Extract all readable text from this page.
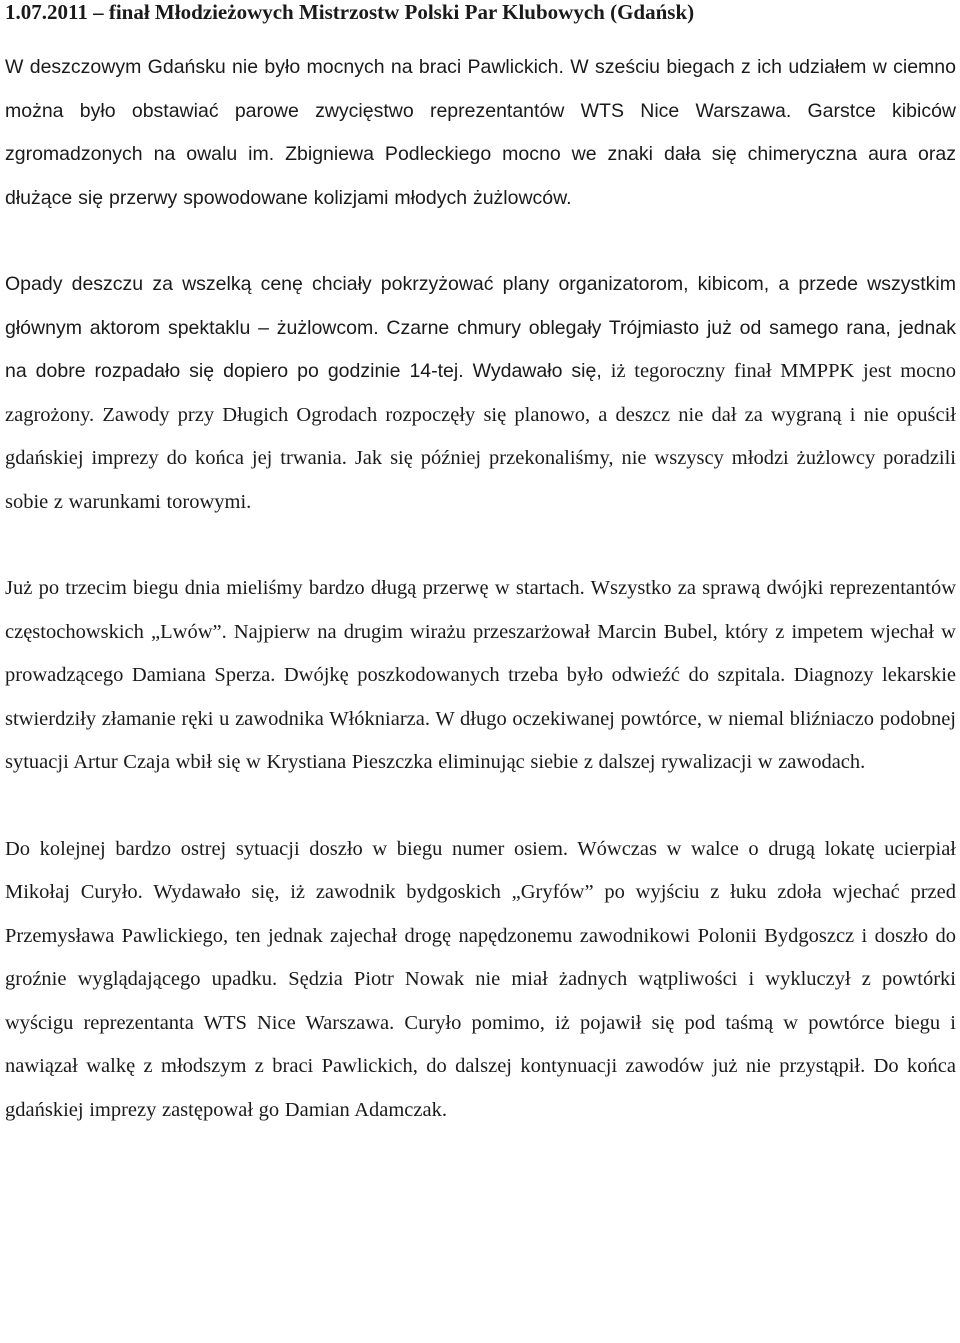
1.07.2011 – finał Młodzieżowych Mistrzostw Polski Par Klubowych (Gdańsk)

W deszczowym Gdańsku nie było mocnych na braci Pawlickich. W sześciu biegach z ich udziałem w ciemno można było obstawiać parowe zwycięstwo reprezentantów WTS Nice Warszawa. Garstce kibiców zgromadzonych na owalu im. Zbigniewa Podleckiego mocno we znaki dała się chimeryczna aura oraz dłużące się przerwy spowodowane kolizjami młodych żużlowców.

Opady deszczu za wszelką cenę chciały pokrzyżować plany organizatorom, kibicom, a przede wszystkim głównym aktorom spektaklu – żużlowcom. Czarne chmury oblegały Trójmiasto już od samego rana, jednak na dobre rozpadało się dopiero po godzinie 14-tej. Wydawało się, iż tegoroczny finał MMPPK jest mocno zagrożony. Zawody przy Długich Ogrodach rozpoczęły się planowo, a deszcz nie dał za wygraną i nie opuścił gdańskiej imprezy do końca jej trwania. Jak się później przekonaliśmy, nie wszyscy młodzi żużlowcy poradzili sobie z warunkami torowymi.

Już po trzecim biegu dnia mieliśmy bardzo długą przerwę w startach. Wszystko za sprawą dwójki reprezentantów częstochowskich „Lwów”. Najpierw na drugim wirażu przeszarżował Marcin Bubel, który z impetem wjechał w prowadzącego Damiana Sperza. Dwójkę poszkodowanych trzeba było odwieźć do szpitala. Diagnozy lekarskie stwierdziły złamanie ręki u zawodnika Włókniarza. W długo oczekiwanej powtórce, w niemal bliźniaczo podobnej sytuacji Artur Czaja wbił się w Krystiana Pieszczka eliminując siebie z dalszej rywalizacji w zawodach.

Do kolejnej bardzo ostrej sytuacji doszło w biegu numer osiem. Wówczas w walce o drugą lokatę ucierpiał Mikołaj Curyło. Wydawało się, iż zawodnik bydgoskich „Gryfów” po wyjściu z łuku zdoła wjechać przed Przemysława Pawlickiego, ten jednak zajechał drogę napędzonemu zawodnikowi Polonii Bydgoszcz i doszło do groźnie wyglądającego upadku. Sędzia Piotr Nowak nie miał żadnych wątpliwości i wykluczył z powtórki wyścigu reprezentanta WTS Nice Warszawa. Curyło pomimo, iż pojawił się pod taśmą w powtórce biegu i nawiązał walkę z młodszym z braci Pawlickich, do dalszej kontynuacji zawodów już nie przystąpił. Do końca gdańskiej imprezy zastępował go Damian Adamczak.
